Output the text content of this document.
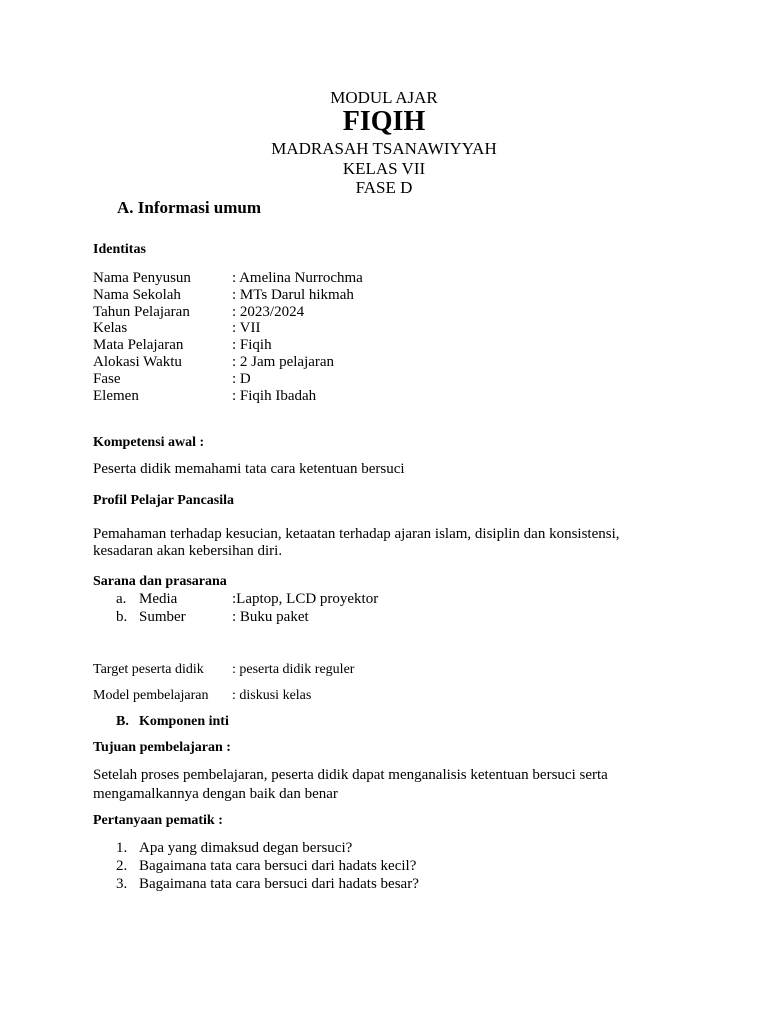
MODUL AJAR
FIQIH
MADRASAH TSANAWIYYAH
KELAS VII
FASE D
A. Informasi umum
Identitas
Nama Penyusun	: Amelina Nurrochma
Nama Sekolah	: MTs Darul hikmah
Tahun Pelajaran	: 2023/2024
Kelas	: VII
Mata Pelajaran	: Fiqih
Alokasi Waktu	: 2 Jam pelajaran
Fase	: D
Elemen	: Fiqih Ibadah
Kompetensi awal :
Peserta didik memahami tata cara ketentuan bersuci
Profil Pelajar Pancasila
Pemahaman terhadap kesucian, ketaatan terhadap ajaran islam, disiplin dan konsistensi,
kesadaran akan kebersihan diri.
Sarana dan prasarana
a. Media	:Laptop, LCD proyektor
b. Sumber	: Buku paket
Target peserta didik : peserta didik reguler
Model pembelajaran : diskusi kelas
B. Komponen inti
Tujuan pembelajaran :
Setelah proses pembelajaran, peserta didik dapat menganalisis ketentuan bersuci serta
mengamalkannya dengan baik dan benar
Pertanyaan pematik :
1. Apa yang dimaksud degan bersuci?
2. Bagaimana tata cara bersuci dari hadats kecil?
3. Bagaimana tata cara bersuci dari hadats besar?
